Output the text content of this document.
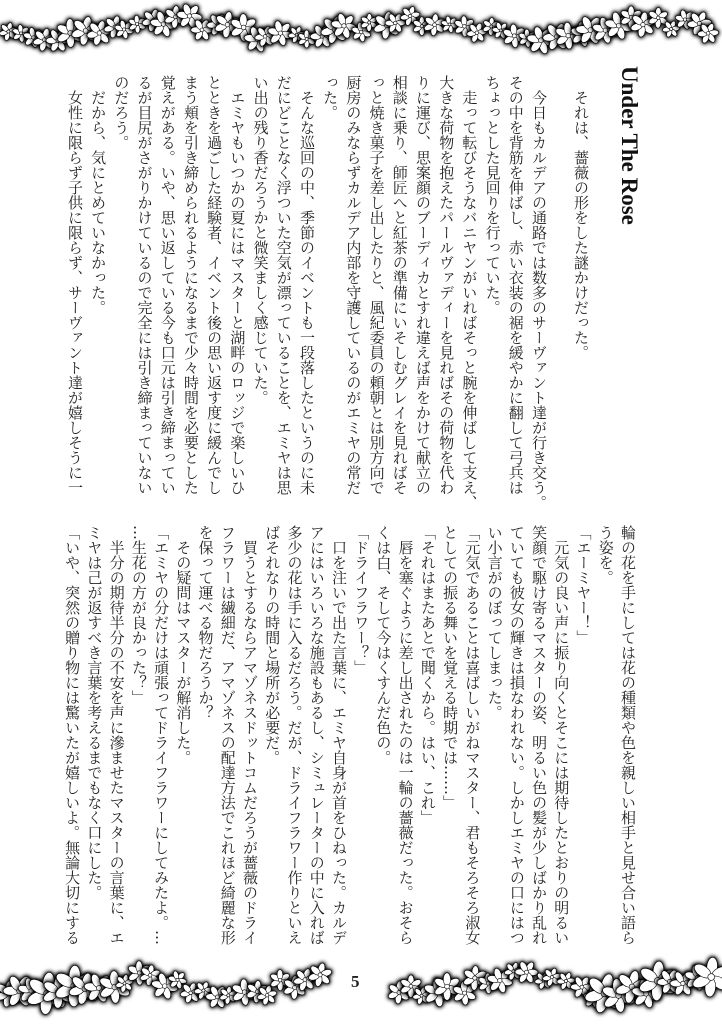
Under The Rose
　それは、薔薇の形をした謎かけだった。
　今日もカルデアの通路では数多のサーヴァント達が行き交う。
その中を背筋を伸ばし、赤い衣装の裾を緩やかに翻して弓兵は
ちょっとした見回りを行っていた。
　走って転びそうなバニヤンがいればそっと腕を伸ばして支え、
大きな荷物を抱えたパールヴァディーを見ればその荷物を代わ
りに運び、思案顔のブーディカとすれ違えば声をかけて献立の
相談に乗り、師匠へと紅茶の準備にいそしむグレイを見ればそ
っと焼き菓子を差し出したりと、風紀委員の頼朝とは別方向で
厨房のみならずカルデア内部を守護しているのがエミヤの常だ
った。
　そんな巡回の中、季節のイベントも一段落したというのに未
だにどことなく浮ついた空気が漂っていることを、エミヤは思
い出の残り香だろうかと微笑ましく感じていた。
　エミヤもいつかの夏にはマスターと湖畔のロッジで楽しいひ
とときを過ごした経験者、イベント後の思い返す度に緩んでし
まう頬を引き締められるようになるまで少々時間を必要とした
覚えがある。いや、思い返している今も口元は引き締まってい
るが目尻がさがりかけているので完全には引き締まっていない
のだろう。
　だから、気にとめていなかった。
　女性に限らず子供に限らず、サーヴァント達が嬉しそうに一
輪の花を手にしては花の種類や色を親しい相手と見せ合い語ら
う姿を。
「エーミヤー！」
　元気の良い声に振り向くとそこには期待したとおりの明るい
笑顔で駆け寄るマスターの姿、明るい色の髪が少しばかり乱れ
ていても彼女の輝きは損なわれない。しかしエミヤの口にはつ
い小言がのぼってしまった。
「元気であることは喜ばしいがねマスター、君もそろそろ淑女
としての振る舞いを覚える時期では……」
「それはまたあとで聞くから。はい、これ」
　唇を塞ぐように差し出されたのは一輪の薔薇だった。おそら
くは白、そして今はくすんだ色の。
「ドライフラワー？」
　口を注いで出た言葉に、エミヤ自身が首をひねった。カルデ
アにはいろいろな施設もあるし、シミュレーターの中に入れば
多少の花は手に入るだろう。だが、ドライフラワー作りといえ
ばそれなりの時間と場所が必要だ。
　買うとするならアマゾネスドットコムだろうが薔薇のドライ
フラワーは繊細だ、アマゾネスの配達方法でこれほど綺麗な形
を保って運べる物だろうか？
　その疑問はマスターが解消した。
「エミヤの分だけは頑張ってドライフラワーにしてみたよ。…
…生花の方が良かった？」
　半分の期待半分の不安を声に滲ませたマスターの言葉に、エ
ミヤは己が返すべき言葉を考えるまでもなく口にした。
「いや、突然の贈り物には驚いたが嬉しいよ。無論大切にする
5
